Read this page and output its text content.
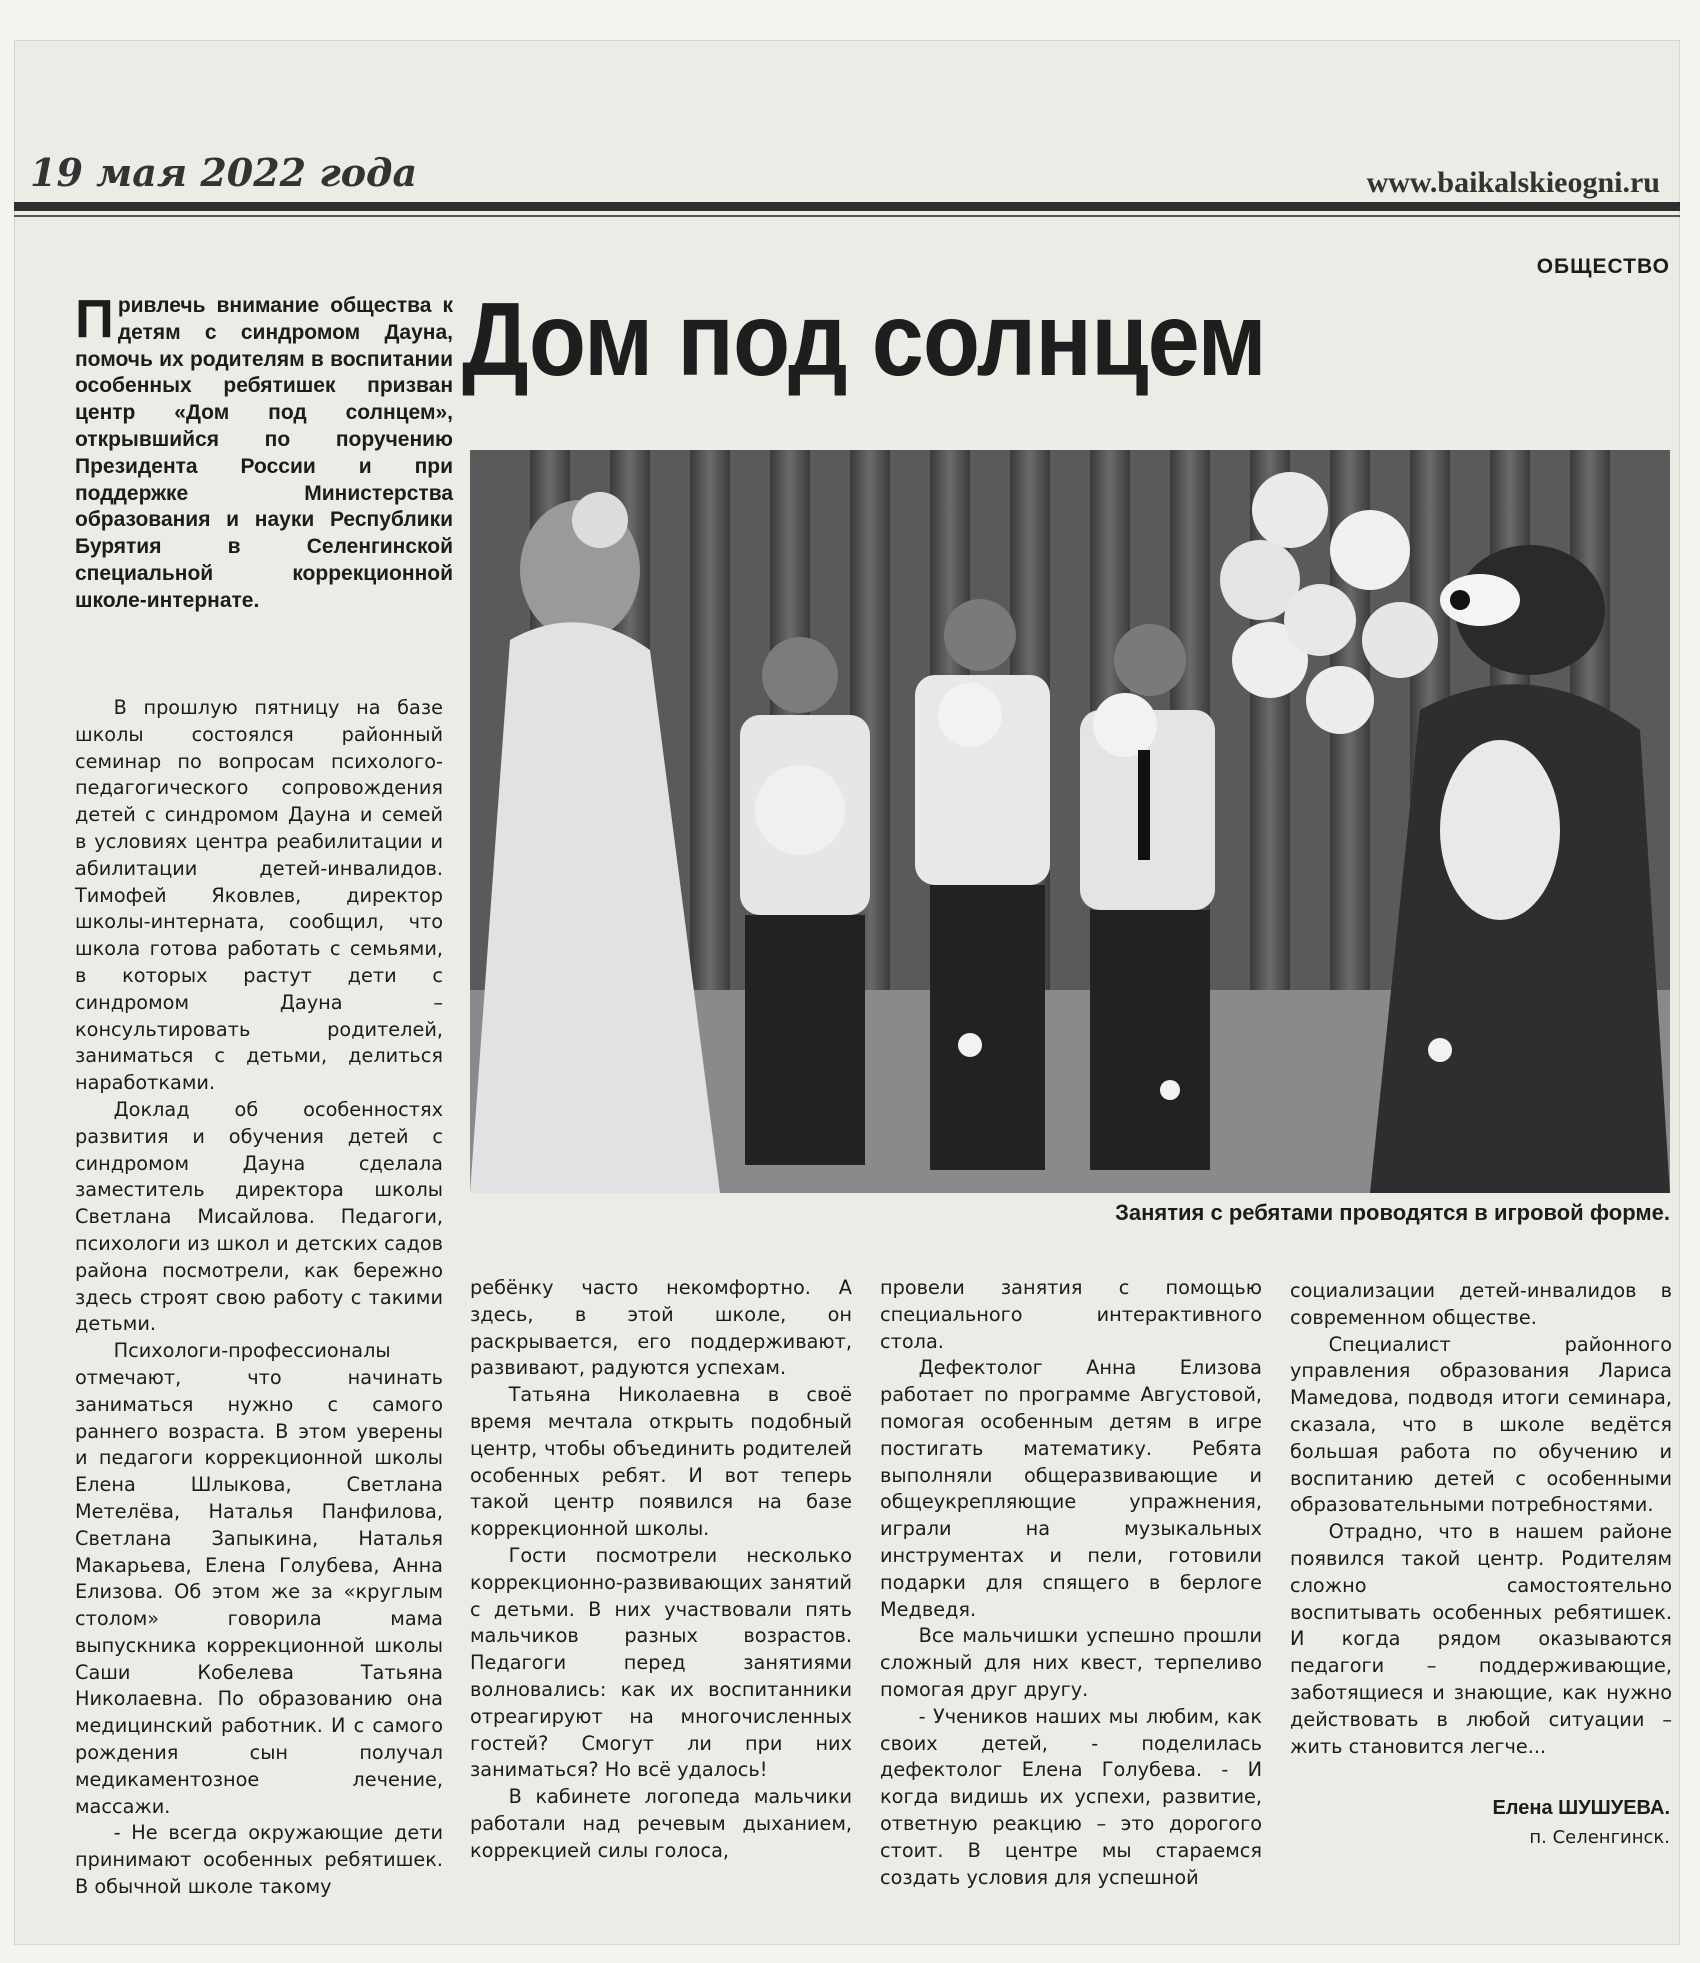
19 мая 2022 года	www.baikalskieogni.ru
ОБЩЕСТВО
Дом под солнцем
Привлечь внимание общества к детям с синдромом Дауна, помочь их родителям в воспитании особенных ребятишек призван центр «Дом под солнцем», открывшийся по поручению Президента России и при поддержке Министерства образования и науки Республики Бурятия в Селенгинской специальной коррекционной школе-интернате.
Занятия с ребятами проводятся в игровой форме.

В прошлую пятницу на базе школы состоялся районный семинар по вопросам психолого-педагогического сопровождения детей с синдромом Дауна и семей в условиях центра реабилитации и абилитации детей-инвалидов. Тимофей Яковлев, директор школы-интерната, сообщил, что школа готова работать с семьями, в которых растут дети с синдромом Дауна – консультировать родителей, заниматься с детьми, делиться наработками.

Доклад об особенностях развития и обучения детей с синдромом Дауна сделала заместитель директора школы Светлана Мисайлова. Педагоги, психологи из школ и детских садов района посмотрели, как бережно здесь строят свою работу с такими детьми.

Психологи-профессионалы отмечают, что начинать заниматься нужно с самого раннего возраста. В этом уверены и педагоги коррекционной школы Елена Шлыкова, Светлана Метелёва, Наталья Панфилова, Светлана Запыкина, Наталья Макарьева, Елена Голубева, Анна Елизова. Об этом же за «круглым столом» говорила мама выпускника коррекционной школы Саши Кобелева Татьяна Николаевна. По образованию она медицинский работник. И с самого рождения сын получал медикаментозное лечение, массажи.

- Не всегда окружающие дети принимают особенных ребятишек. В обычной школе такому

ребёнку часто некомфортно. А здесь, в этой школе, он раскрывается, его поддерживают, развивают, радуются успехам.

Татьяна Николаевна в своё время мечтала открыть подобный центр, чтобы объединить родителей особенных ребят. И вот теперь такой центр появился на базе коррекционной школы.

Гости посмотрели несколько коррекционно-развивающих занятий с детьми. В них участвовали пять мальчиков разных возрастов. Педагоги перед занятиями волновались: как их воспитанники отреагируют на многочисленных гостей? Смогут ли при них заниматься? Но всё удалось!

В кабинете логопеда мальчики работали над речевым дыханием, коррекцией силы голоса,

провели занятия с помощью специального интерактивного стола.

Дефектолог Анна Елизова работает по программе Августовой, помогая особенным детям в игре постигать математику. Ребята выполняли общеразвивающие и общеукрепляющие упражнения, играли на музыкальных инструментах и пели, готовили подарки для спящего в берлоге Медведя.

Все мальчишки успешно прошли сложный для них квест, терпеливо помогая друг другу.

- Учеников наших мы любим, как своих детей, - поделилась дефектолог Елена Голубева. - И когда видишь их успехи, развитие, ответную реакцию – это дорогого стоит. В центре мы стараемся создать условия для успешной

социализации детей-инвалидов в современном обществе.

Специалист районного управления образования Лариса Мамедова, подводя итоги семинара, сказала, что в школе ведётся большая работа по обучению и воспитанию детей с особенными образовательными потребностями.

Отрадно, что в нашем районе появился такой центр. Родителям сложно самостоятельно воспитывать особенных ребятишек. И когда рядом оказываются педагоги – поддерживающие, заботящиеся и знающие, как нужно действовать в любой ситуации – жить становится легче...

Елена ШУШУЕВА.
п. Селенгинск.
